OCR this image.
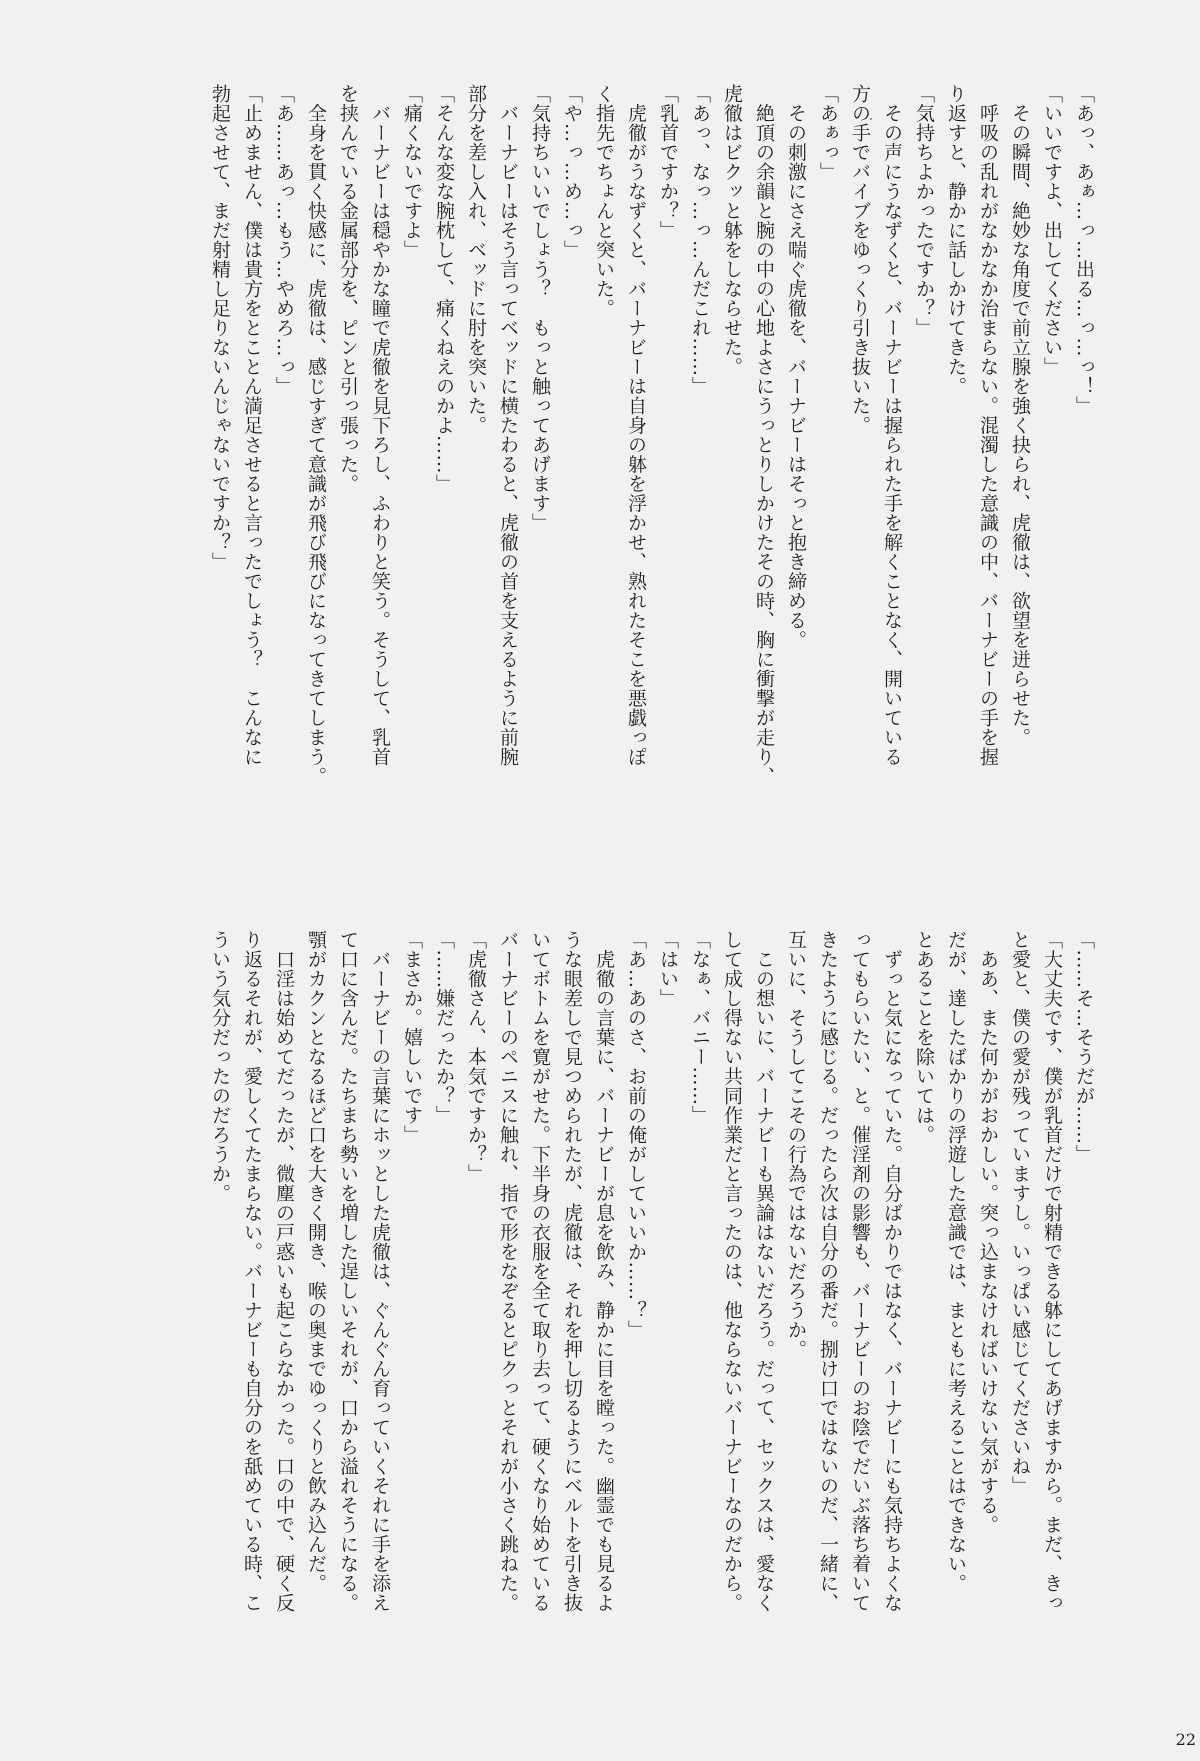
「あっ、あぁ…っ…出る…っ…っ！」
「いいですよ、出してください」
　その瞬間、絶妙な角度で前立腺を強く抉られ、虎徹は、欲望を迸らせた。
　呼吸の乱れがなかなか治まらない。混濁した意識の中、バーナビーの手を握
り返すと、静かに話しかけてきた。
「気持ちよかったですか？」
　その声にうなずくと、バーナビーは握られた手を解くことなく、開いている
方の手でバイブをゆっくり引き抜いた。
「あぁっ」
　その刺激にさえ喘ぐ虎徹を、バーナビーはそっと抱き締める。
　絶頂の余韻と腕の中の心地よさにうっとりしかけたその時、胸に衝撃が走り、
虎徹はビクッと躰をしならせた。
「あっ、なっ…っ…んだこれ……」
「乳首ですか？」
　虎徹がうなずくと、バーナビーは自身の躰を浮かせ、熟れたそこを悪戯っぽ
く指先でちょんと突いた。
「や…っ…め…っ」
「気持ちいいでしょう？　もっと触ってあげます」
　バーナビーはそう言ってベッドに横たわると、虎徹の首を支えるように前腕
部分を差し入れ、ベッドに肘を突いた。
「そんな変な腕枕して、痛くねえのかよ……」
「痛くないですよ」
　バーナビーは穏やかな瞳で虎徹を見下ろし、ふわりと笑う。そうして、乳首
を挟んでいる金属部分を、ピンと引っ張った。
　全身を貫く快感に、虎徹は、感じすぎて意識が飛び飛びになってきてしまう。
「あ……あっ…もう…やめろ…っ」
「止めません、僕は貴方をとことん満足させると言ったでしょう？　こんなに
勃起させて、まだ射精し足りないんじゃないですか？」
「……そ…そうだが……」
「大丈夫です、僕が乳首だけで射精できる躰にしてあげますから。まだ、きっ
と愛と、僕の愛が残っていますし。いっぱい感じてくださいね」
　ああ、また何かがおかしい。突っ込まなければいけない気がする。
だが、達したばかりの浮遊した意識では、まともに考えることはできない。
とあることを除いては。
　ずっと気になっていた。自分ばかりではなく、バーナビーにも気持ちよくな
ってもらいたい、と。催淫剤の影響も、バーナビーのお陰でだいぶ落ち着いて
きたように感じる。だったら次は自分の番だ。捌け口ではないのだ、一緒に、
互いに、そうしてこその行為ではないだろうか。
　この想いに、バーナビーも異論はないだろう。だって、セックスは、愛なく
して成し得ない共同作業だと言ったのは、他ならないバーナビーなのだから。
「なぁ、バニー……」
「はい」
「あ…あのさ、お前の俺がしていいか……？」
　虎徹の言葉に、バーナビーが息を飲み、静かに目を瞠った。幽霊でも見るよ
うな眼差しで見つめられたが、虎徹は、それを押し切るようにベルトを引き抜
いてボトムを寛がせた。下半身の衣服を全て取り去って、硬くなり始めている
バーナビーのペニスに触れ、指で形をなぞるとピクっとそれが小さく跳ねた。
「虎徹さん、本気ですか？」
「……嫌だったか？」
「まさか。嬉しいです」
　バーナビーの言葉にホッとした虎徹は、ぐんぐん育っていくそれに手を添え
て口に含んだ。たちまち勢いを増した逞しいそれが、口から溢れそうになる。
顎がカクンとなるほど口を大きく開き、喉の奥までゆっくりと飲み込んだ。
　口淫は始めてだったが、微塵の戸惑いも起こらなかった。口の中で、硬く反
り返るそれが、愛しくてたまらない。バーナビーも自分のを舐めている時、こ
ういう気分だったのだろうか。
22
